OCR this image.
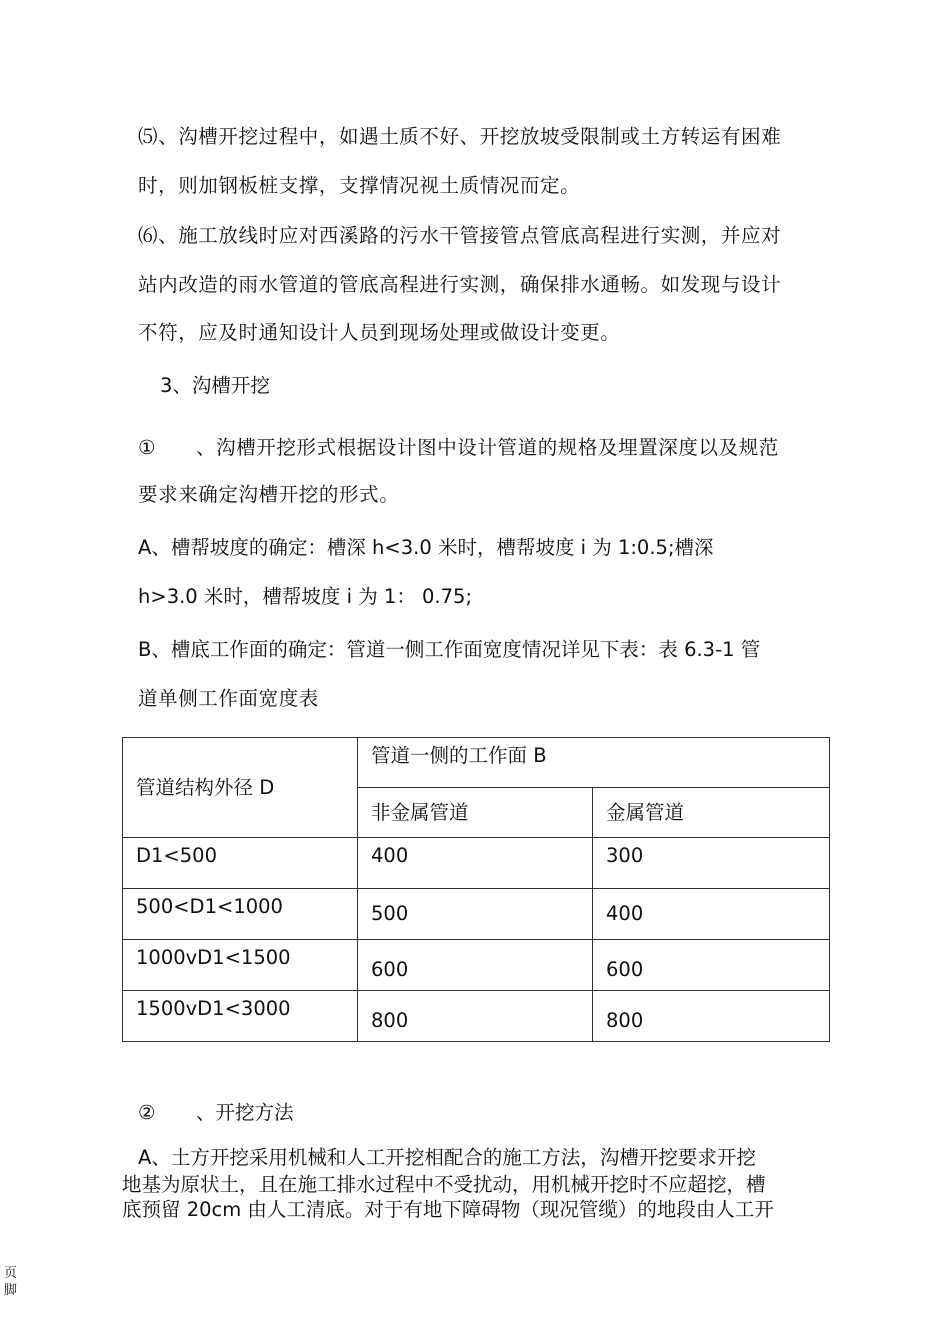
⑸、沟槽开挖过程中，如遇土质不好、开挖放坡受限制或土方转运有困难
时，则加钢板桩支撑，支撑情况视土质情况而定。
⑹、施工放线时应对西溪路的污水干管接管点管底高程进行实测，并应对
站内改造的雨水管道的管底高程进行实测，确保排水通畅。如发现与设计
不符，应及时通知设计人员到现场处理或做设计变更。
3、沟槽开挖
① 、沟槽开挖形式根据设计图中设计管道的规格及埋置深度以及规范
要求来确定沟槽开挖的形式。
A、槽帮坡度的确定：槽深 h<3.0 米时，槽帮坡度 i 为 1:0.5;槽深
h>3.0 米时，槽帮坡度 i 为 1： 0.75;
B、槽底工作面的确定：管道一侧工作面宽度情况详见下表：表 6.3-1 管
道单侧工作面宽度表
管道结构外径 D	管道一侧的工作面 B	
	非金属管道	金属管道
D1<500	400	300
500<D1<1000	500	400
1000vD1<1500	600	600
1500vD1<3000	800	800
② 、开挖方法
A、土方开挖采用机械和人工开挖相配合的施工方法，沟槽开挖要求开挖
地基为原状土，且在施工排水过程中不受扰动，用机械开挖时不应超挖，槽
底预留 20cm 由人工清底。对于有地下障碍物（现况管缆）的地段由人工开
页
脚
